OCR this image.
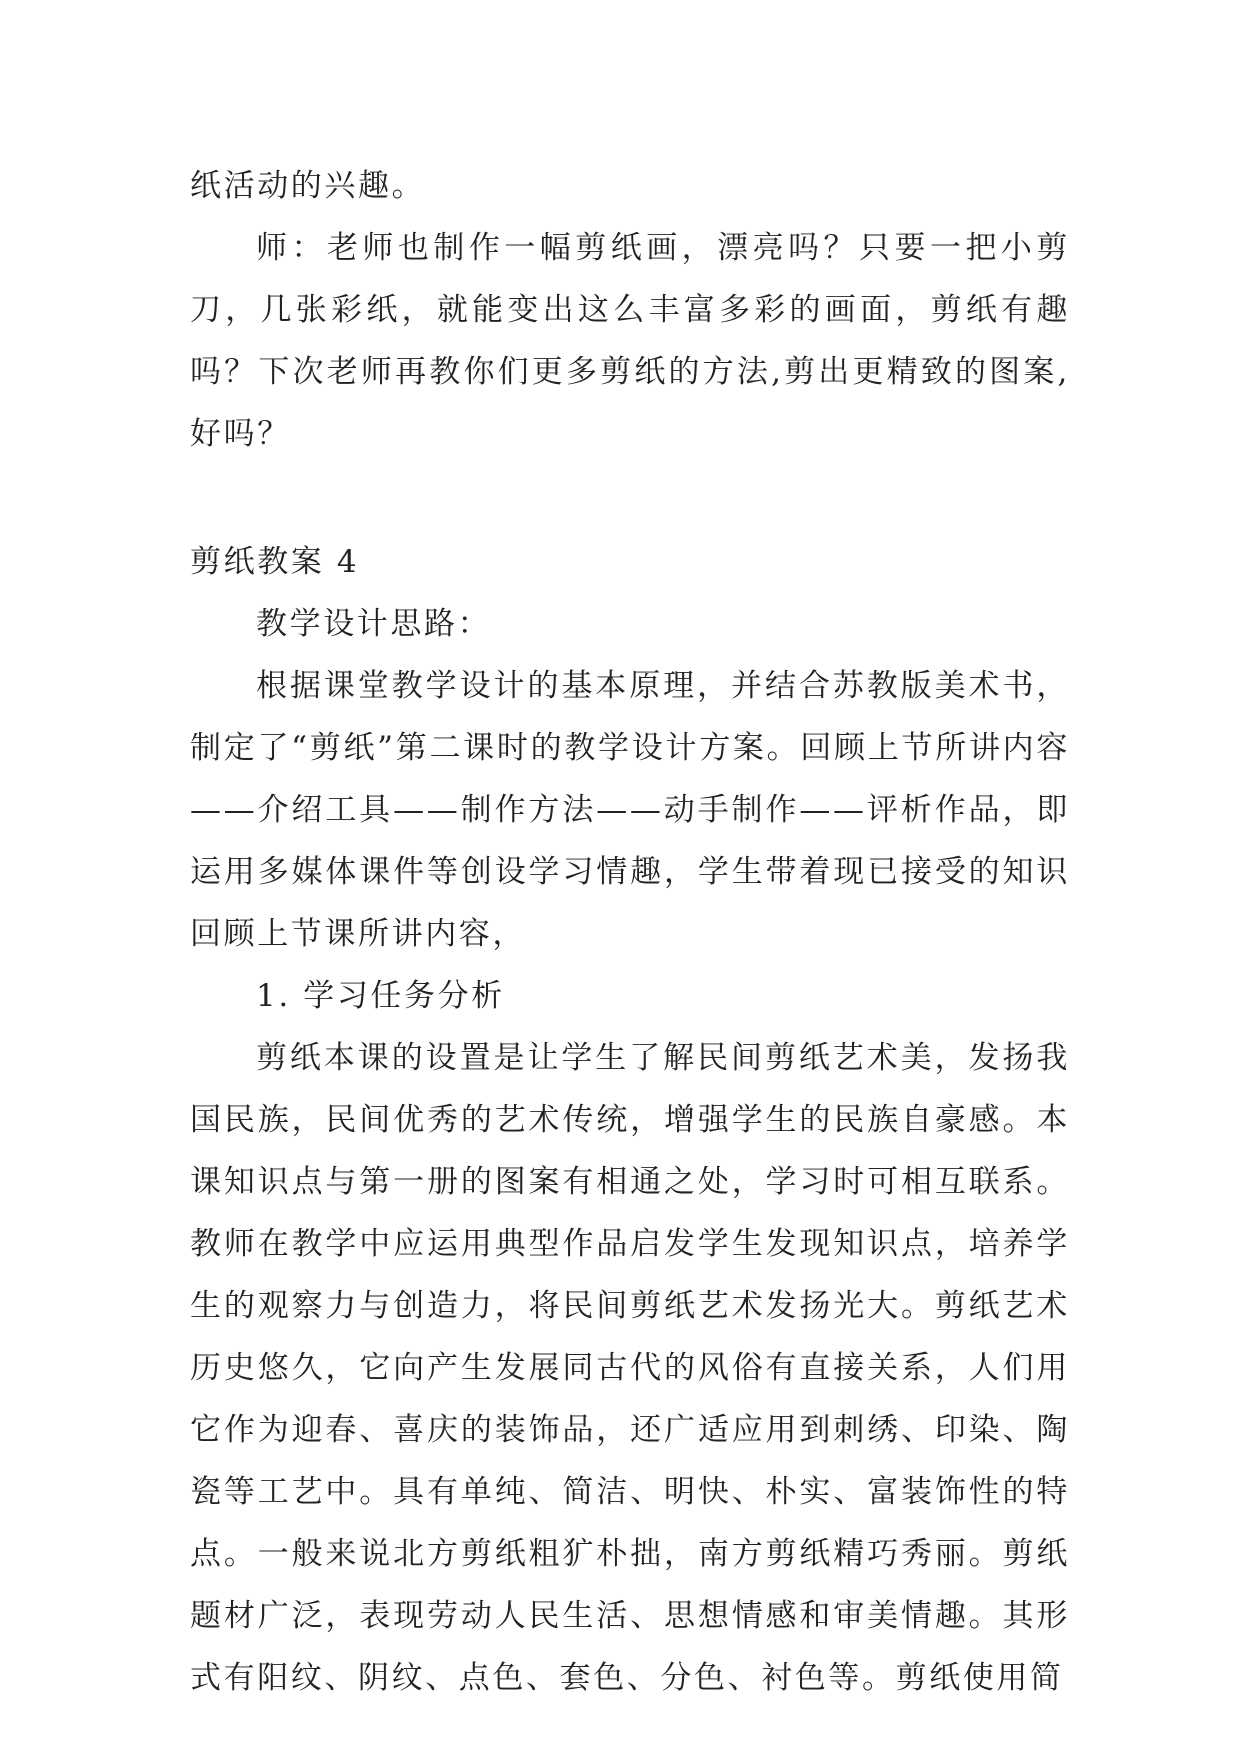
纸活动的兴趣。

师：老师也制作一幅剪纸画，漂亮吗？只要一把小剪刀，几张彩纸，就能变出这么丰富多彩的画面，剪纸有趣吗？下次老师再教你们更多剪纸的方法,剪出更精致的图案,好吗？

剪纸教案 4

教学设计思路：

根据课堂教学设计的基本原理，并结合苏教版美术书，制定了“剪纸”第二课时的教学设计方案。回顾上节所讲内容——介绍工具——制作方法——动手制作——评析作品，即运用多媒体课件等创设学习情趣，学生带着现已接受的知识回顾上节课所讲内容，

1. 学习任务分析

剪纸本课的设置是让学生了解民间剪纸艺术美，发扬我国民族，民间优秀的艺术传统，增强学生的民族自豪感。本课知识点与第一册的图案有相通之处，学习时可相互联系。教师在教学中应运用典型作品启发学生发现知识点，培养学生的观察力与创造力，将民间剪纸艺术发扬光大。剪纸艺术历史悠久，它向产生发展同古代的风俗有直接关系，人们用它作为迎春、喜庆的装饰品，还广适应用到刺绣、印染、陶瓷等工艺中。具有单纯、简洁、明快、朴实、富装饰性的特点。一般来说北方剪纸粗犷朴拙，南方剪纸精巧秀丽。剪纸题材广泛，表现劳动人民生活、思想情感和审美情趣。其形式有阳纹、阴纹、点色、套色、分色、衬色等。剪纸使用简
